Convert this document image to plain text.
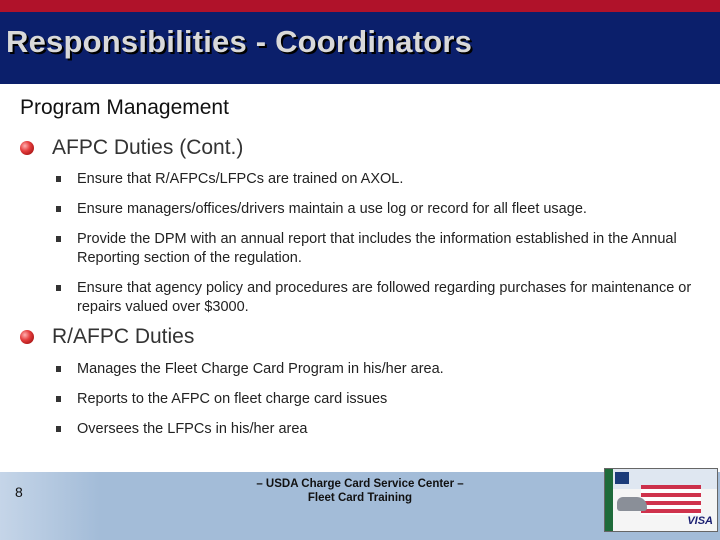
Responsibilities - Coordinators
Program Management
AFPC Duties (Cont.)
Ensure that R/AFPCs/LFPCs are trained on AXOL.
Ensure managers/offices/drivers maintain a use log or record for all fleet usage.
Provide the DPM with an annual report that includes the information established in the Annual Reporting section of the regulation.
Ensure that agency policy and procedures are followed regarding purchases for maintenance or repairs valued over $3000.
R/AFPC Duties
Manages the Fleet Charge Card Program in his/her area.
Reports to the AFPC on fleet charge card issues
Oversees the LFPCs in his/her area
8	– USDA Charge Card Service Center –
Fleet Card Training
VISA
